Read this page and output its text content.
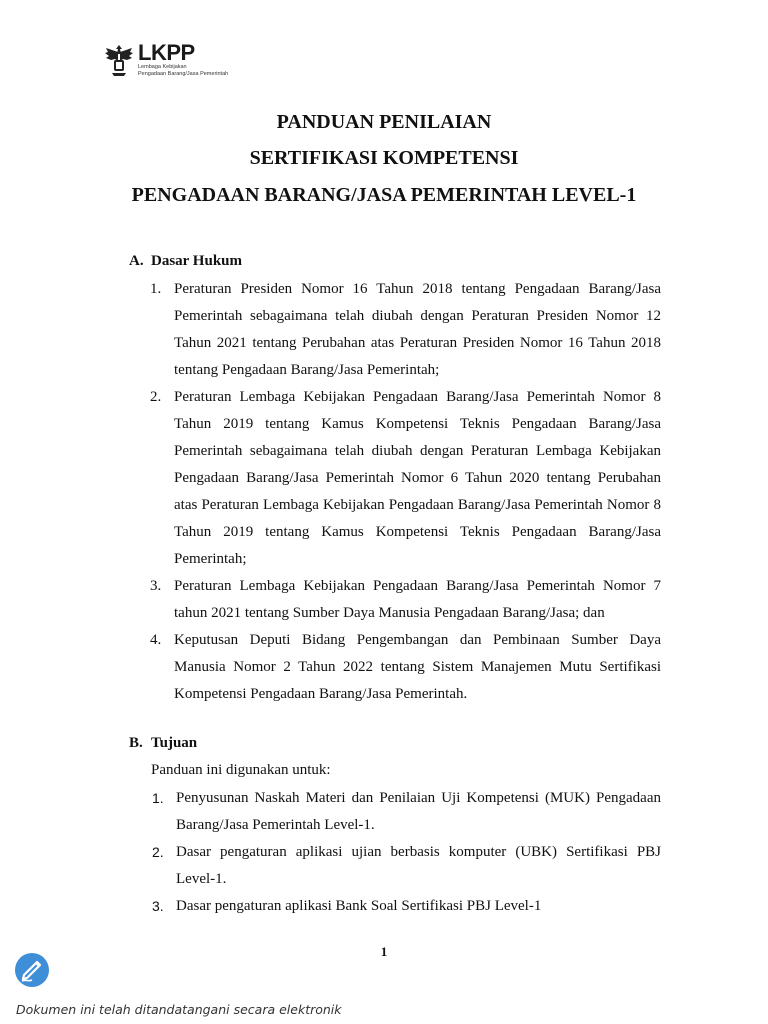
LKPP
Lembaga Kebijakan
Pengadaan Barang/Jasa Pemerintah
PANDUAN PENILAIAN
SERTIFIKASI KOMPETENSI
PENGADAAN BARANG/JASA PEMERINTAH LEVEL-1
A. Dasar Hukum
1. Peraturan Presiden Nomor 16 Tahun 2018 tentang Pengadaan Barang/Jasa Pemerintah sebagaimana telah diubah dengan Peraturan Presiden Nomor 12 Tahun 2021 tentang Perubahan atas Peraturan Presiden Nomor 16 Tahun 2018 tentang Pengadaan Barang/Jasa Pemerintah;
2. Peraturan Lembaga Kebijakan Pengadaan Barang/Jasa Pemerintah Nomor 8 Tahun 2019 tentang Kamus Kompetensi Teknis Pengadaan Barang/Jasa Pemerintah sebagaimana telah diubah dengan Peraturan Lembaga Kebijakan Pengadaan Barang/Jasa Pemerintah Nomor 6 Tahun 2020 tentang Perubahan atas Peraturan Lembaga Kebijakan Pengadaan Barang/Jasa Pemerintah Nomor 8 Tahun 2019 tentang Kamus Kompetensi Teknis Pengadaan Barang/Jasa Pemerintah;
3. Peraturan Lembaga Kebijakan Pengadaan Barang/Jasa Pemerintah Nomor 7 tahun 2021 tentang Sumber Daya Manusia Pengadaan Barang/Jasa; dan
4. Keputusan Deputi Bidang Pengembangan dan Pembinaan Sumber Daya Manusia Nomor 2 Tahun 2022 tentang Sistem Manajemen Mutu Sertifikasi Kompetensi Pengadaan Barang/Jasa Pemerintah.
B. Tujuan
Panduan ini digunakan untuk:
1. Penyusunan Naskah Materi dan Penilaian Uji Kompetensi (MUK) Pengadaan Barang/Jasa Pemerintah Level-1.
2. Dasar pengaturan aplikasi ujian berbasis komputer (UBK) Sertifikasi PBJ Level-1.
3. Dasar pengaturan aplikasi Bank Soal Sertifikasi PBJ Level-1
1
Dokumen ini telah ditandatangani secara elektronik
